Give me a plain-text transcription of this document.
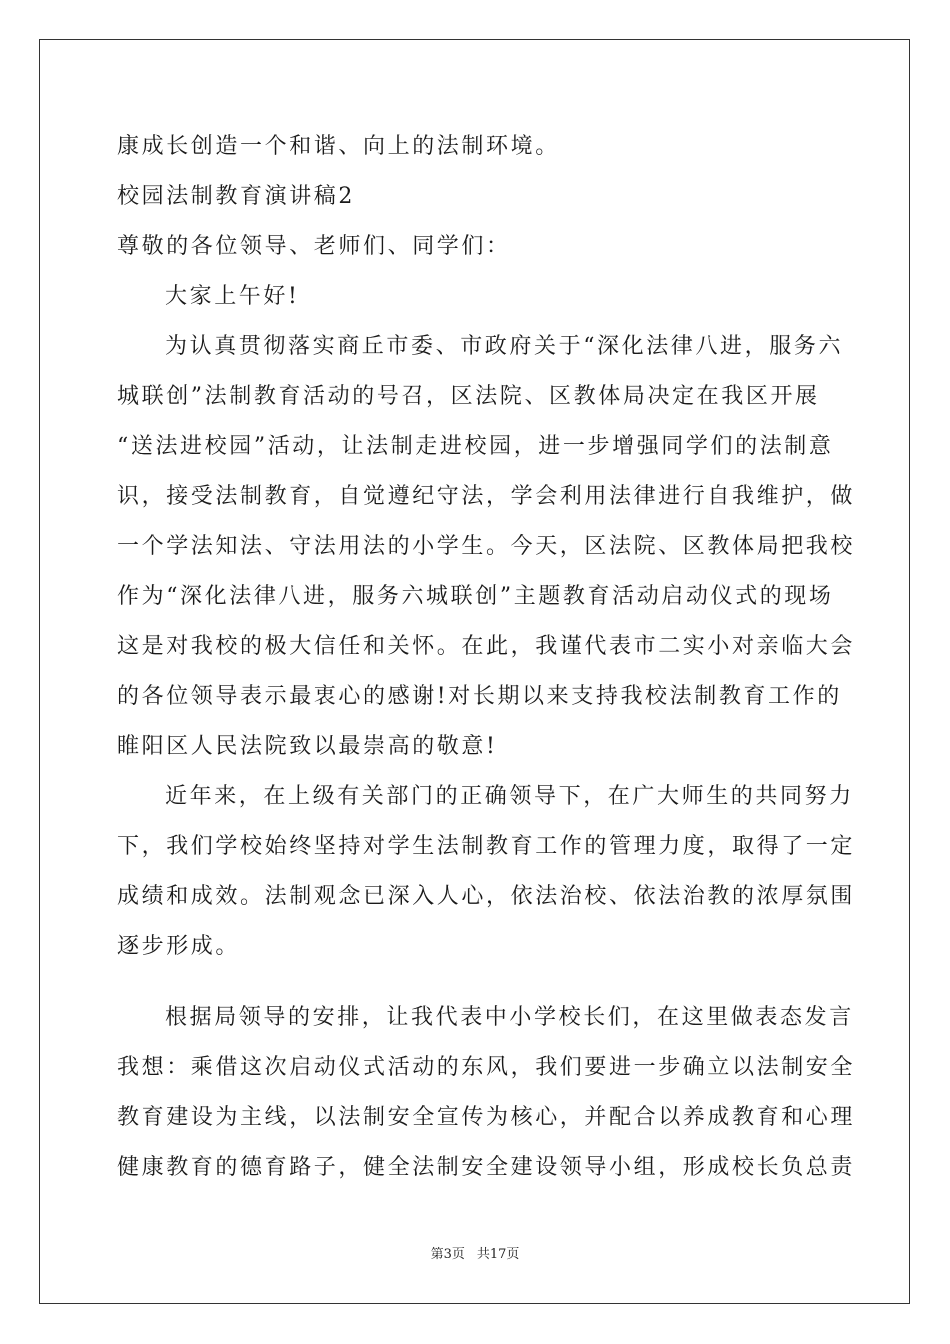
康成长创造一个和谐、向上的法制环境。
校园法制教育演讲稿2
尊敬的各位领导、老师们、同学们：
大家上午好!
为认真贯彻落实商丘市委、市政府关于“深化法律八进，服务六
城联创”法制教育活动的号召，区法院、区教体局决定在我区开展
“送法进校园”活动，让法制走进校园，进一步增强同学们的法制意
识，接受法制教育，自觉遵纪守法，学会利用法律进行自我维护，做
一个学法知法、守法用法的小学生。今天，区法院、区教体局把我校
作为“深化法律八进，服务六城联创”主题教育活动启动仪式的现场
这是对我校的极大信任和关怀。在此，我谨代表市二实小对亲临大会
的各位领导表示最衷心的感谢!对长期以来支持我校法制教育工作的
睢阳区人民法院致以最崇高的敬意!
近年来，在上级有关部门的正确领导下，在广大师生的共同努力
下，我们学校始终坚持对学生法制教育工作的管理力度，取得了一定
成绩和成效。法制观念已深入人心，依法治校、依法治教的浓厚氛围
逐步形成。
根据局领导的安排，让我代表中小学校长们，在这里做表态发言
我想：乘借这次启动仪式活动的东风，我们要进一步确立以法制安全
教育建设为主线，以法制安全宣传为核心，并配合以养成教育和心理
健康教育的德育路子，健全法制安全建设领导小组，形成校长负总责
第3页 共17页
